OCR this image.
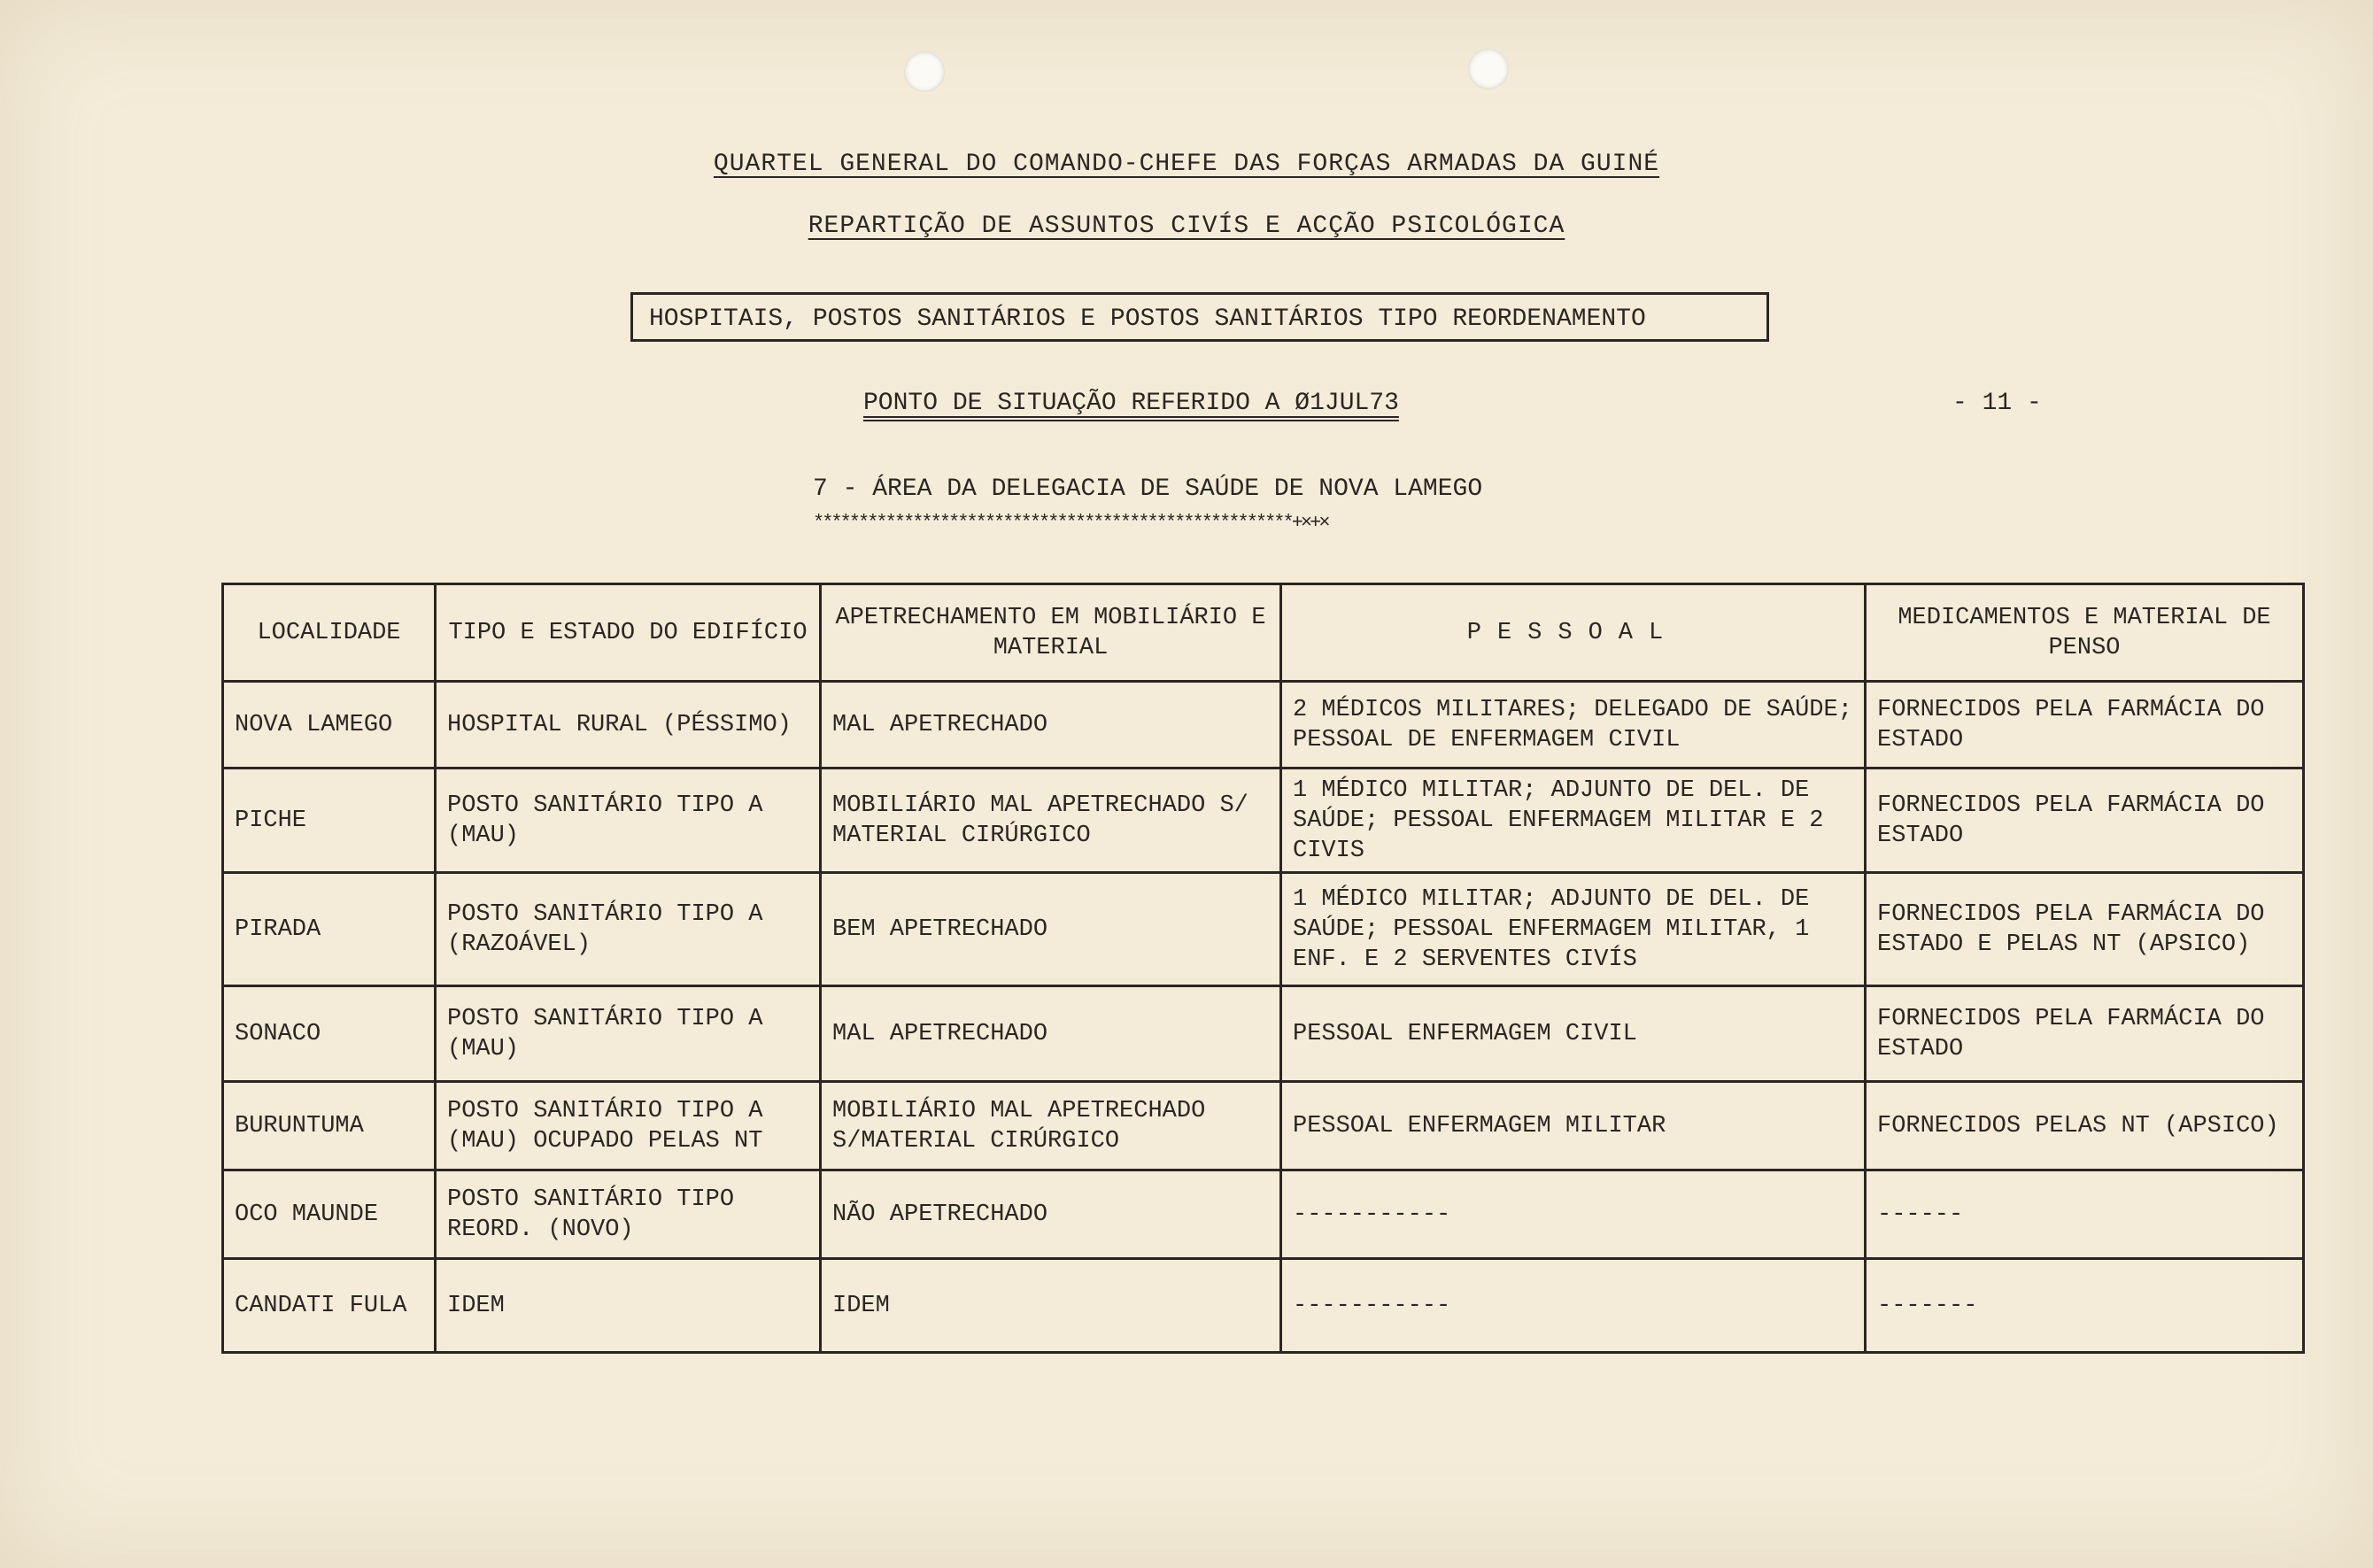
QUARTEL GENERAL DO COMANDO-CHEFE DAS FORÇAS ARMADAS DA GUINÉ
REPARTIÇÃO DE ASSUNTOS CIVÍS E ACÇÃO PSICOLÓGICA
HOSPITAIS, POSTOS SANITÁRIOS E POSTOS SANITÁRIOS TIPO REORDENAMENTO
PONTO DE SITUAÇÃO REFERIDO A Ø1JUL73	- 11 -
7 - ÁREA DA DELEGACIA DE SAÚDE DE NOVA LAMEGO
*****************************************************+×+×
LOCALIDADE	TIPO E ESTADO DO EDIFÍCIO	APETRECHAMENTO EM MOBILIÁRIO E MATERIAL	PESSOAL	MEDICAMENTOS E MATERIAL DE PENSO
NOVA LAMEGO	HOSPITAL RURAL (PÉSSIMO)	MAL APETRECHADO	2 MÉDICOS MILITARES; DELEGADO DE SAÚDE; PESSOAL DE ENFERMAGEM CIVIL	FORNECIDOS PELA FARMÁCIA DO ESTADO
PICHE	POSTO SANITÁRIO TIPO A (MAU)	MOBILIÁRIO MAL APETRECHADO S/ MATERIAL CIRÚRGICO	1 MÉDICO MILITAR; ADJUNTO DE DEL. DE SAÚDE; PESSOAL ENFERMAGEM MILITAR E 2 CIVIS	FORNECIDOS PELA FARMÁCIA DO ESTADO
PIRADA	POSTO SANITÁRIO TIPO A (RAZOÁVEL)	BEM APETRECHADO	1 MÉDICO MILITAR; ADJUNTO DE DEL. DE SAÚDE; PESSOAL ENFERMAGEM MILITAR, 1 ENF. E 2 SERVENTES CIVÍS	FORNECIDOS PELA FARMÁCIA DO ESTADO E PELAS NT (APSICO)
SONACO	POSTO SANITÁRIO TIPO A (MAU)	MAL APETRECHADO	PESSOAL ENFERMAGEM CIVIL	FORNECIDOS PELA FARMÁCIA DO ESTADO
BURUNTUMA	POSTO SANITÁRIO TIPO A (MAU) OCUPADO PELAS NT	MOBILIÁRIO MAL APETRECHADO S/MATERIAL CIRÚRGICO	PESSOAL ENFERMAGEM MILITAR	FORNECIDOS PELAS NT (APSICO)
OCO MAUNDE	POSTO SANITÁRIO TIPO REORD. (NOVO)	NÃO APETRECHADO	-----------	------
CANDATI FULA	IDEM	IDEM	-----------	-------
